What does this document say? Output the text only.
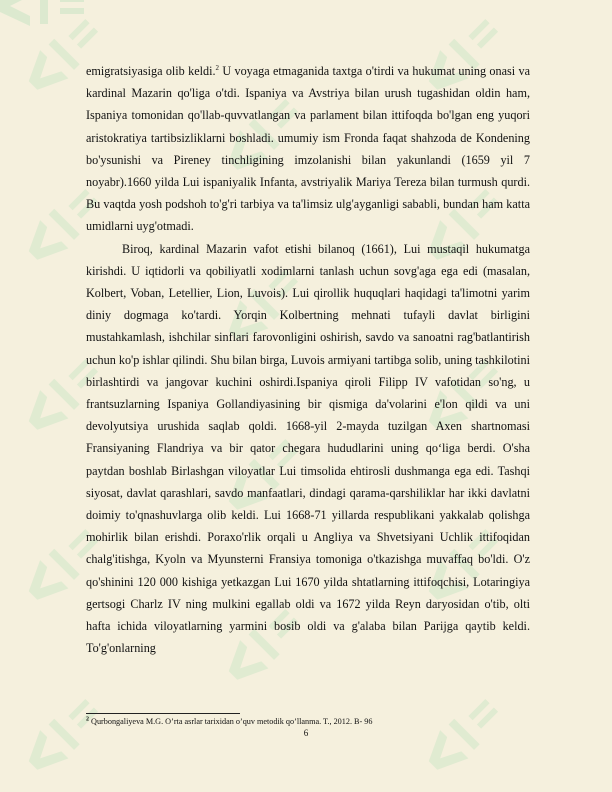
emigratsiyasiga olib keldi.$^2$ U voyaga etmaganida taxtga o'tirdi va hukumat uning onasi va kardinal Mazarin qo'liga o'tdi. Ispaniya va Avstriya bilan urush tugashidan oldin ham, Ispaniya tomonidan qo'llab-quvvatlangan va parlament bilan ittifoqda bo'lgan eng yuqori aristokratiya tartibsizliklarni boshladi. umumiy ism Fronda faqat shahzoda de Kondening bo'ysunishi va Pireney tinchligining imzolanishi bilan yakunlandi (1659 yil 7 noyabr).1660 yilda Lui ispaniyalik Infanta, avstriyalik Mariya Tereza bilan turmush qurdi. Bu vaqtda yosh podshoh to'g'ri tarbiya va ta'limsiz ulg'ayganligi sababli, bundan ham katta umidlarni uyg'otmadi.

Biroq, kardinal Mazarin vafot etishi bilanoq (1661), Lui mustaqil hukumatga kirishdi. U iqtidorli va qobiliyatli xodimlarni tanlash uchun sovg'aga ega edi (masalan, Kolbert, Voban, Letellier, Lion, Luvois). Lui qirollik huquqlari haqidagi ta'limotni yarim diniy dogmaga ko'tardi. Yorqin Kolbertning mehnati tufayli davlat birligini mustahkamlash, ishchilar sinflari farovonligini oshirish, savdo va sanoatni rag'batlantirish uchun ko'p ishlar qilindi. Shu bilan birga, Luvois armiyani tartibga solib, uning tashkilotini birlashtirdi va jangovar kuchini oshirdi.Ispaniya qiroli Filipp IV vafotidan so'ng, u frantsuzlarning Ispaniya Gollandiyasining bir qismiga da'volarini e'lon qildi va uni devolyutsiya urushida saqlab qoldi. 1668-yil 2-mayda tuzilgan Axen shartnomasi Fransiyaning Flandriya va bir qator chegara hududlarini uning qo‘liga berdi. O'sha paytdan boshlab Birlashgan viloyatlar Lui timsolida ehtirosli dushmanga ega edi. Tashqi siyosat, davlat qarashlari, savdo manfaatlari, dindagi qarama-qarshiliklar har ikki davlatni doimiy to'qnashuvlarga olib keldi. Lui 1668-71 yillarda respublikani yakkalab qolishga mohirlik bilan erishdi. Poraxo'rlik orqali u Angliya va Shvetsiyani Uchlik ittifoqidan chalg'itishga, Kyoln va Myunsterni Fransiya tomoniga o'tkazishga muvaffaq bo'ldi. O'z qo'shinini 120 000 kishiga yetkazgan Lui 1670 yilda shtatlarning ittifoqchisi, Lotaringiya gertsogi Charlz IV ning mulkini egallab oldi va 1672 yilda Reyn daryosidan o'tib, olti hafta ichida viloyatlarning yarmini bosib oldi va g'alaba bilan Parijga qaytib keldi. To'g'onlarning

$^2$ Qurbongaliyeva M.G. O’rta asrlar tarixidan o’quv metodik qo’llanma. T., 2012. B- 96
6
